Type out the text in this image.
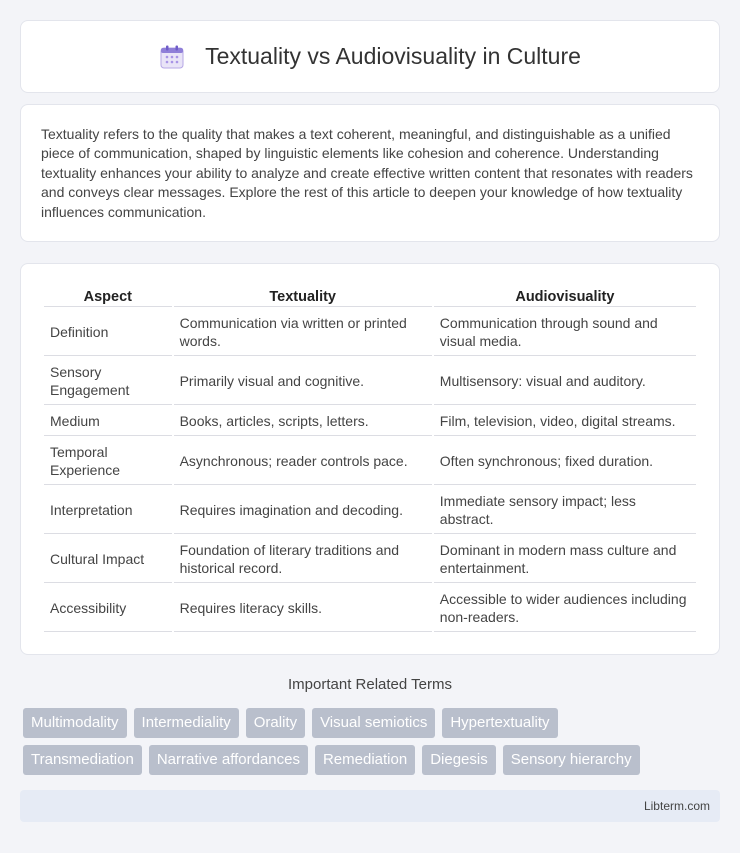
Textuality vs Audiovisuality in Culture

Textuality refers to the quality that makes a text coherent, meaningful, and distinguishable as a unified piece of communication, shaped by linguistic elements like cohesion and coherence. Understanding textuality enhances your ability to analyze and create effective written content that resonates with readers and conveys clear messages. Explore the rest of this article to deepen your knowledge of how textuality influences communication.

Aspect	Textuality	Audiovisuality
Definition	Communication via written or printed words.	Communication through sound and visual media.
Sensory Engagement	Primarily visual and cognitive.	Multisensory: visual and auditory.
Medium	Books, articles, scripts, letters.	Film, television, video, digital streams.
Temporal Experience	Asynchronous; reader controls pace.	Often synchronous; fixed duration.
Interpretation	Requires imagination and decoding.	Immediate sensory impact; less abstract.
Cultural Impact	Foundation of literary traditions and historical record.	Dominant in modern mass culture and entertainment.
Accessibility	Requires literacy skills.	Accessible to wider audiences including non-readers.
Important Related Terms
Multimodality	Intermediality	Orality	Visual semiotics	Hypertextuality
Transmediation	Narrative affordances	Remediation	Diegesis	Sensory hierarchy
Libterm.com
